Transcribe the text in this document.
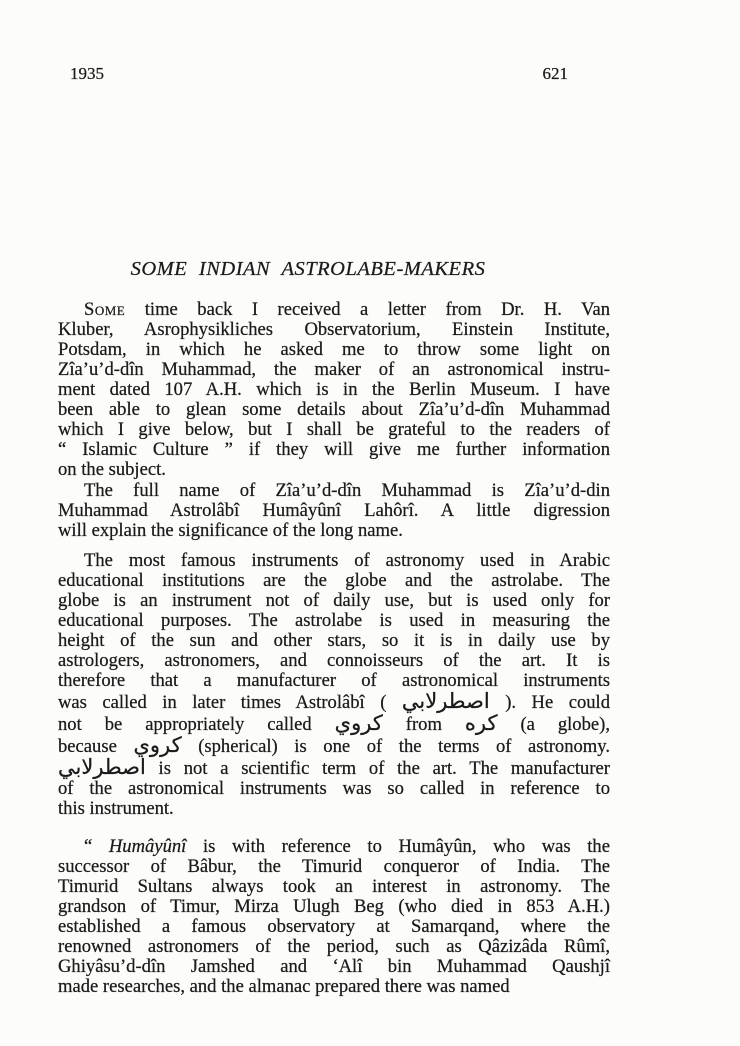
1935	621
SOME INDIAN ASTROLABE-MAKERS
Some time back I received a letter from Dr. H. Van
Kluber, Asrophysikliches Observatorium, Einstein Institute,
Potsdam, in which he asked me to throw some light on
Zîa’u’d-dîn Muhammad, the maker of an astronomical instru-
ment dated 107 A.H. which is in the Berlin Museum. I have
been able to glean some details about Zîa’u’d-dîn Muhammad
which I give below, but I shall be grateful to the readers of
“ Islamic Culture ” if they will give me further information
on the subject.
The full name of Zîa’u’d-dîn Muhammad is Zîa’u’d-din
Muhammad Astrolâbî Humâyûnî Lahôrî. A little digression
will explain the significance of the long name.
The most famous instruments of astronomy used in Arabic
educational institutions are the globe and the astrolabe. The
globe is an instrument not of daily use, but is used only for
educational purposes. The astrolabe is used in measuring the
height of the sun and other stars, so it is in daily use by
astrologers, astronomers, and connoisseurs of the art. It is
therefore that a manufacturer of astronomical instruments
was called in later times Astrolâbî ( اصطرلابي ). He could
not be appropriately called كروي from كره (a globe),
because كروي (spherical) is one of the terms of astronomy.
اصطرلابي is not a scientific term of the art. The manufacturer
of the astronomical instruments was so called in reference to
this instrument.
“ Humâyûnî is with reference to Humâyûn, who was the
successor of Bâbur, the Timurid conqueror of India. The
Timurid Sultans always took an interest in astronomy. The
grandson of Timur, Mirza Ulugh Beg (who died in 853 A.H.)
established a famous observatory at Samarqand, where the
renowned astronomers of the period, such as Qâzizâda Rûmî,
Ghiyâsu’d-dîn Jamshed and ‘Alî bin Muhammad Qaushjî
made researches, and the almanac prepared there was named
